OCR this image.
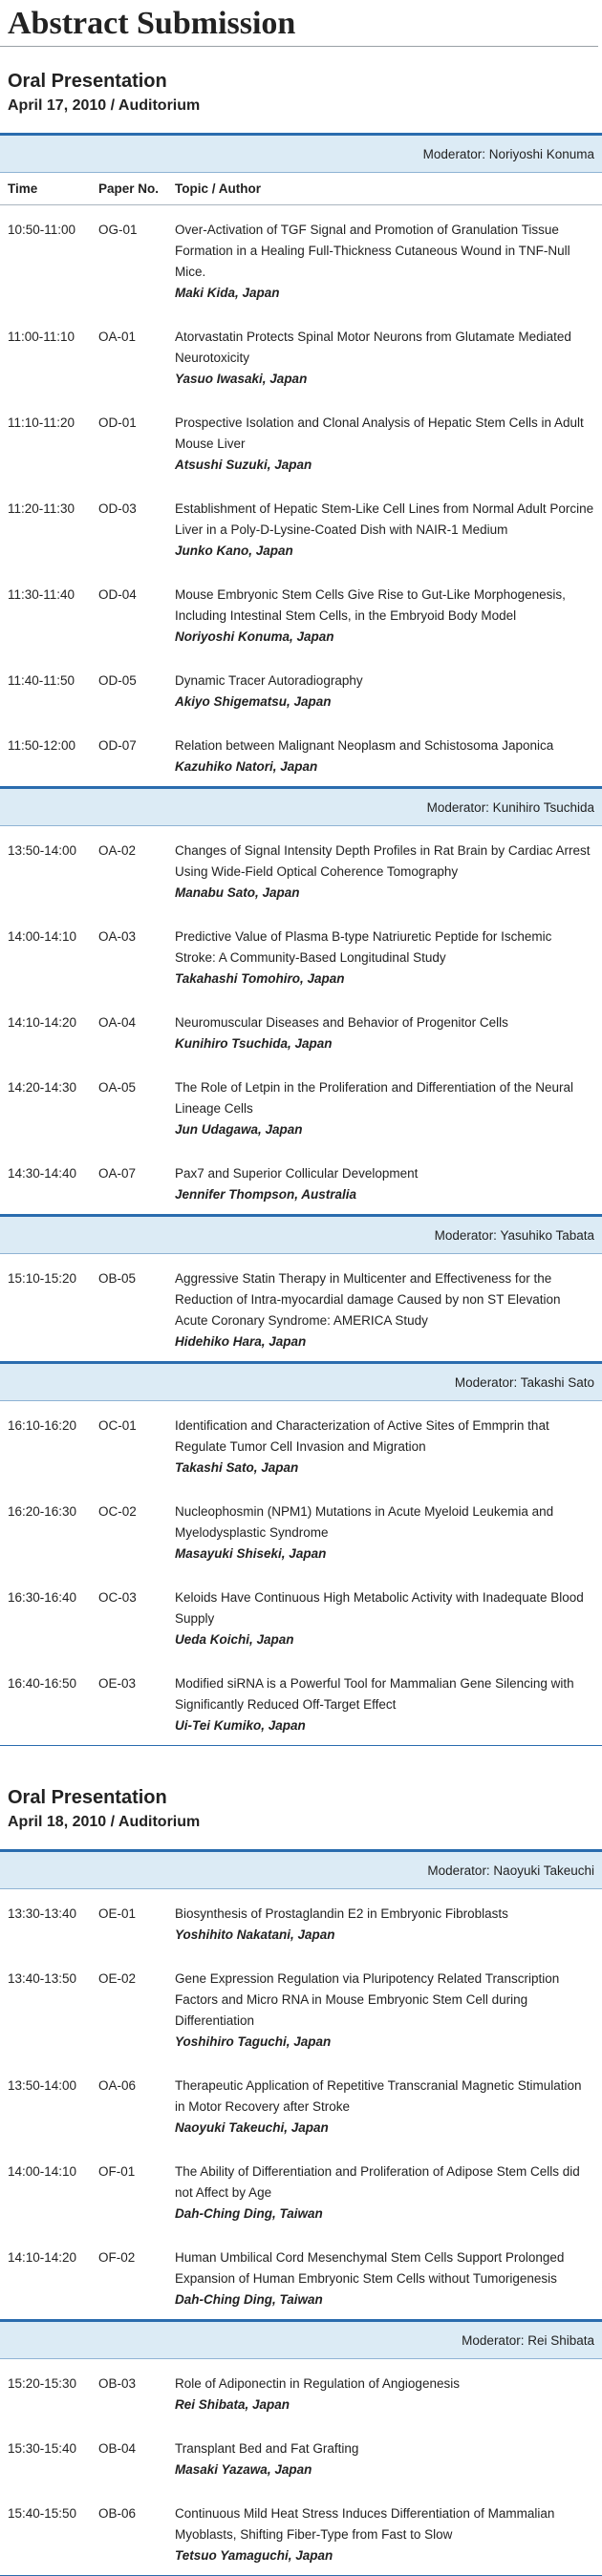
Abstract Submission
Oral Presentation
April 17, 2010 / Auditorium
Moderator: Noriyoshi Konuma		
Time	Paper No.	Topic / Author
10:50-11:00	OG-01	Over-Activation of TGF Signal and Promotion of Granulation Tissue Formation in a Healing Full-Thickness Cutaneous Wound in TNF-Null Mice.
Maki Kida, Japan

11:00-11:10	OA-01	Atorvastatin Protects Spinal Motor Neurons from Glutamate Mediated Neurotoxicity
Yasuo Iwasaki, Japan

11:10-11:20	OD-01	Prospective Isolation and Clonal Analysis of Hepatic Stem Cells in Adult Mouse Liver
Atsushi Suzuki, Japan

11:20-11:30	OD-03	Establishment of Hepatic Stem-Like Cell Lines from Normal Adult Porcine Liver in a Poly-D-Lysine-Coated Dish with NAIR-1 Medium
Junko Kano, Japan

11:30-11:40	OD-04	Mouse Embryonic Stem Cells Give Rise to Gut-Like Morphogenesis, Including Intestinal Stem Cells, in the Embryoid Body Model
Noriyoshi Konuma, Japan

11:40-11:50	OD-05	Dynamic Tracer Autoradiography
Akiyo Shigematsu, Japan

11:50-12:00	OD-07	Relation between Malignant Neoplasm and Schistosoma Japonica
Kazuhiko Natori, Japan

Moderator: Kunihiro Tsuchida		
13:50-14:00	OA-02	Changes of Signal Intensity Depth Profiles in Rat Brain by Cardiac Arrest Using Wide-Field Optical Coherence Tomography
Manabu Sato, Japan

14:00-14:10	OA-03	Predictive Value of Plasma B-type Natriuretic Peptide for Ischemic Stroke: A Community-Based Longitudinal Study
Takahashi Tomohiro, Japan

14:10-14:20	OA-04	Neuromuscular Diseases and Behavior of Progenitor Cells
Kunihiro Tsuchida, Japan

14:20-14:30	OA-05	The Role of Letpin in the Proliferation and Differentiation of the Neural Lineage Cells
Jun Udagawa, Japan

14:30-14:40	OA-07	Pax7 and Superior Collicular Development
Jennifer Thompson, Australia

Moderator: Yasuhiko Tabata		
15:10-15:20	OB-05	Aggressive Statin Therapy in Multicenter and Effectiveness for the Reduction of Intra-myocardial damage Caused by non ST Elevation Acute Coronary Syndrome: AMERICA Study
Hidehiko Hara, Japan

Moderator: Takashi Sato		
16:10-16:20	OC-01	Identification and Characterization of Active Sites of Emmprin that Regulate Tumor Cell Invasion and Migration
Takashi Sato, Japan

16:20-16:30	OC-02	Nucleophosmin (NPM1) Mutations in Acute Myeloid Leukemia and Myelodysplastic Syndrome
Masayuki Shiseki, Japan

16:30-16:40	OC-03	Keloids Have Continuous High Metabolic Activity with Inadequate Blood Supply
Ueda Koichi, Japan

16:40-16:50	OE-03	Modified siRNA is a Powerful Tool for Mammalian Gene Silencing with Significantly Reduced Off-Target Effect
Ui-Tei Kumiko, Japan
Oral Presentation
April 18, 2010 / Auditorium
Moderator: Naoyuki Takeuchi		
13:30-13:40	OE-01	Biosynthesis of Prostaglandin E2 in Embryonic Fibroblasts
Yoshihito Nakatani, Japan

13:40-13:50	OE-02	Gene Expression Regulation via Pluripotency Related Transcription Factors and Micro RNA in Mouse Embryonic Stem Cell during Differentiation
Yoshihiro Taguchi, Japan

13:50-14:00	OA-06	Therapeutic Application of Repetitive Transcranial Magnetic Stimulation in Motor Recovery after Stroke
Naoyuki Takeuchi, Japan

14:00-14:10	OF-01	The Ability of Differentiation and Proliferation of Adipose Stem Cells did not Affect by Age
Dah-Ching Ding, Taiwan

14:10-14:20	OF-02	Human Umbilical Cord Mesenchymal Stem Cells Support Prolonged Expansion of Human Embryonic Stem Cells without Tumorigenesis
Dah-Ching Ding, Taiwan

Moderator: Rei Shibata		
15:20-15:30	OB-03	Role of Adiponectin in Regulation of Angiogenesis
Rei Shibata, Japan

15:30-15:40	OB-04	Transplant Bed and Fat Grafting
Masaki Yazawa, Japan

15:40-15:50	OB-06	Continuous Mild Heat Stress Induces Differentiation of Mammalian Myoblasts, Shifting Fiber-Type from Fast to Slow
Tetsuo Yamaguchi, Japan
